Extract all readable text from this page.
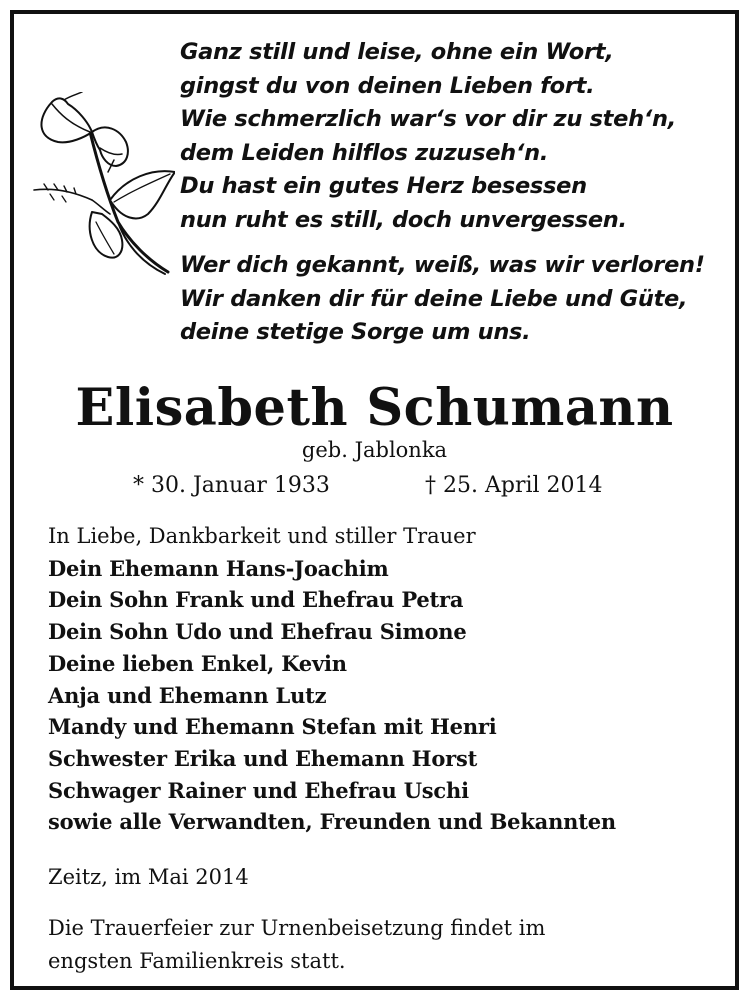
Ganz still und leise, ohne ein Wort,
gingst du von deinen Lieben fort.
Wie schmerzlich war‘s vor dir zu steh‘n,
dem Leiden hilflos zuzuseh‘n.
Du hast ein gutes Herz besessen
nun ruht es still, doch unvergessen.
Wer dich gekannt, weiß, was wir verloren!
Wir danken dir für deine Liebe und Güte,
deine stetige Sorge um uns.
Elisabeth Schumann
geb. Jablonka
* 30. Januar 1933	† 25. April 2014
In Liebe, Dankbarkeit und stiller Trauer
Dein Ehemann Hans-Joachim
Dein Sohn Frank und Ehefrau Petra
Dein Sohn Udo und Ehefrau Simone
Deine lieben Enkel, Kevin
Anja und Ehemann Lutz
Mandy und Ehemann Stefan mit Henri
Schwester Erika und Ehemann Horst
Schwager Rainer und Ehefrau Uschi
sowie alle Verwandten, Freunden und Bekannten
Zeitz, im Mai 2014
Die Trauerfeier zur Urnenbeisetzung findet im
engsten Familienkreis statt.
